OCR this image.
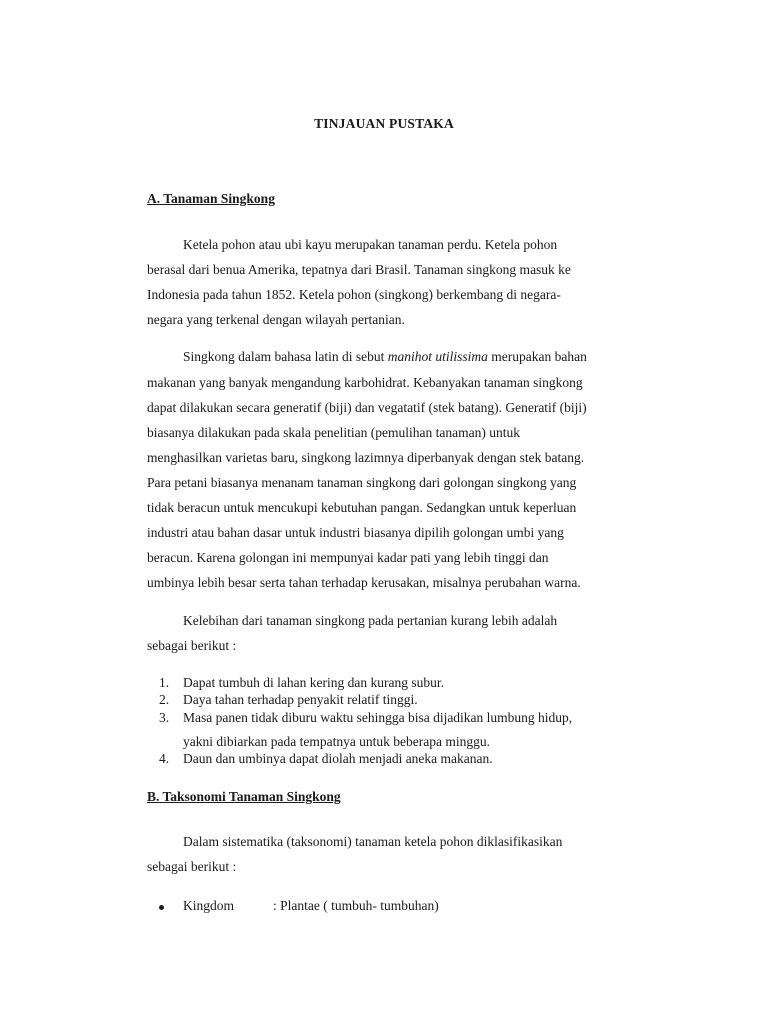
TINJAUAN PUSTAKA
A. Tanaman Singkong
Ketela pohon atau ubi kayu merupakan tanaman perdu. Ketela pohon
berasal dari benua Amerika, tepatnya dari Brasil. Tanaman singkong masuk ke
Indonesia pada tahun 1852. Ketela pohon (singkong) berkembang di negara-
negara yang terkenal dengan wilayah pertanian.
Singkong dalam bahasa latin di sebut manihot utilissima merupakan bahan
makanan yang banyak mengandung karbohidrat. Kebanyakan tanaman singkong
dapat dilakukan secara generatif (biji) dan vegatatif (stek batang). Generatif (biji)
biasanya dilakukan pada skala penelitian (pemulihan tanaman) untuk
menghasilkan varietas baru, singkong lazimnya diperbanyak dengan stek batang.
Para petani biasanya menanam tanaman singkong dari golongan singkong yang
tidak beracun untuk mencukupi kebutuhan pangan. Sedangkan untuk keperluan
industri atau bahan dasar untuk industri biasanya dipilih golongan umbi yang
beracun. Karena golongan ini mempunyai kadar pati yang lebih tinggi dan
umbinya lebih besar serta tahan terhadap kerusakan, misalnya perubahan warna.
Kelebihan dari tanaman singkong pada pertanian kurang lebih adalah
sebagai berikut :
1. Dapat tumbuh di lahan kering dan kurang subur.
2. Daya tahan terhadap penyakit relatif tinggi.
3. Masa panen tidak diburu waktu sehingga bisa dijadikan lumbung hidup,
yakni dibiarkan pada tempatnya untuk beberapa minggu.
4. Daun dan umbinya dapat diolah menjadi aneka makanan.
B. Taksonomi Tanaman Singkong
Dalam sistematika (taksonomi) tanaman ketela pohon diklasifikasikan
sebagai berikut :
Kingdom	: Plantae ( tumbuh- tumbuhan)
